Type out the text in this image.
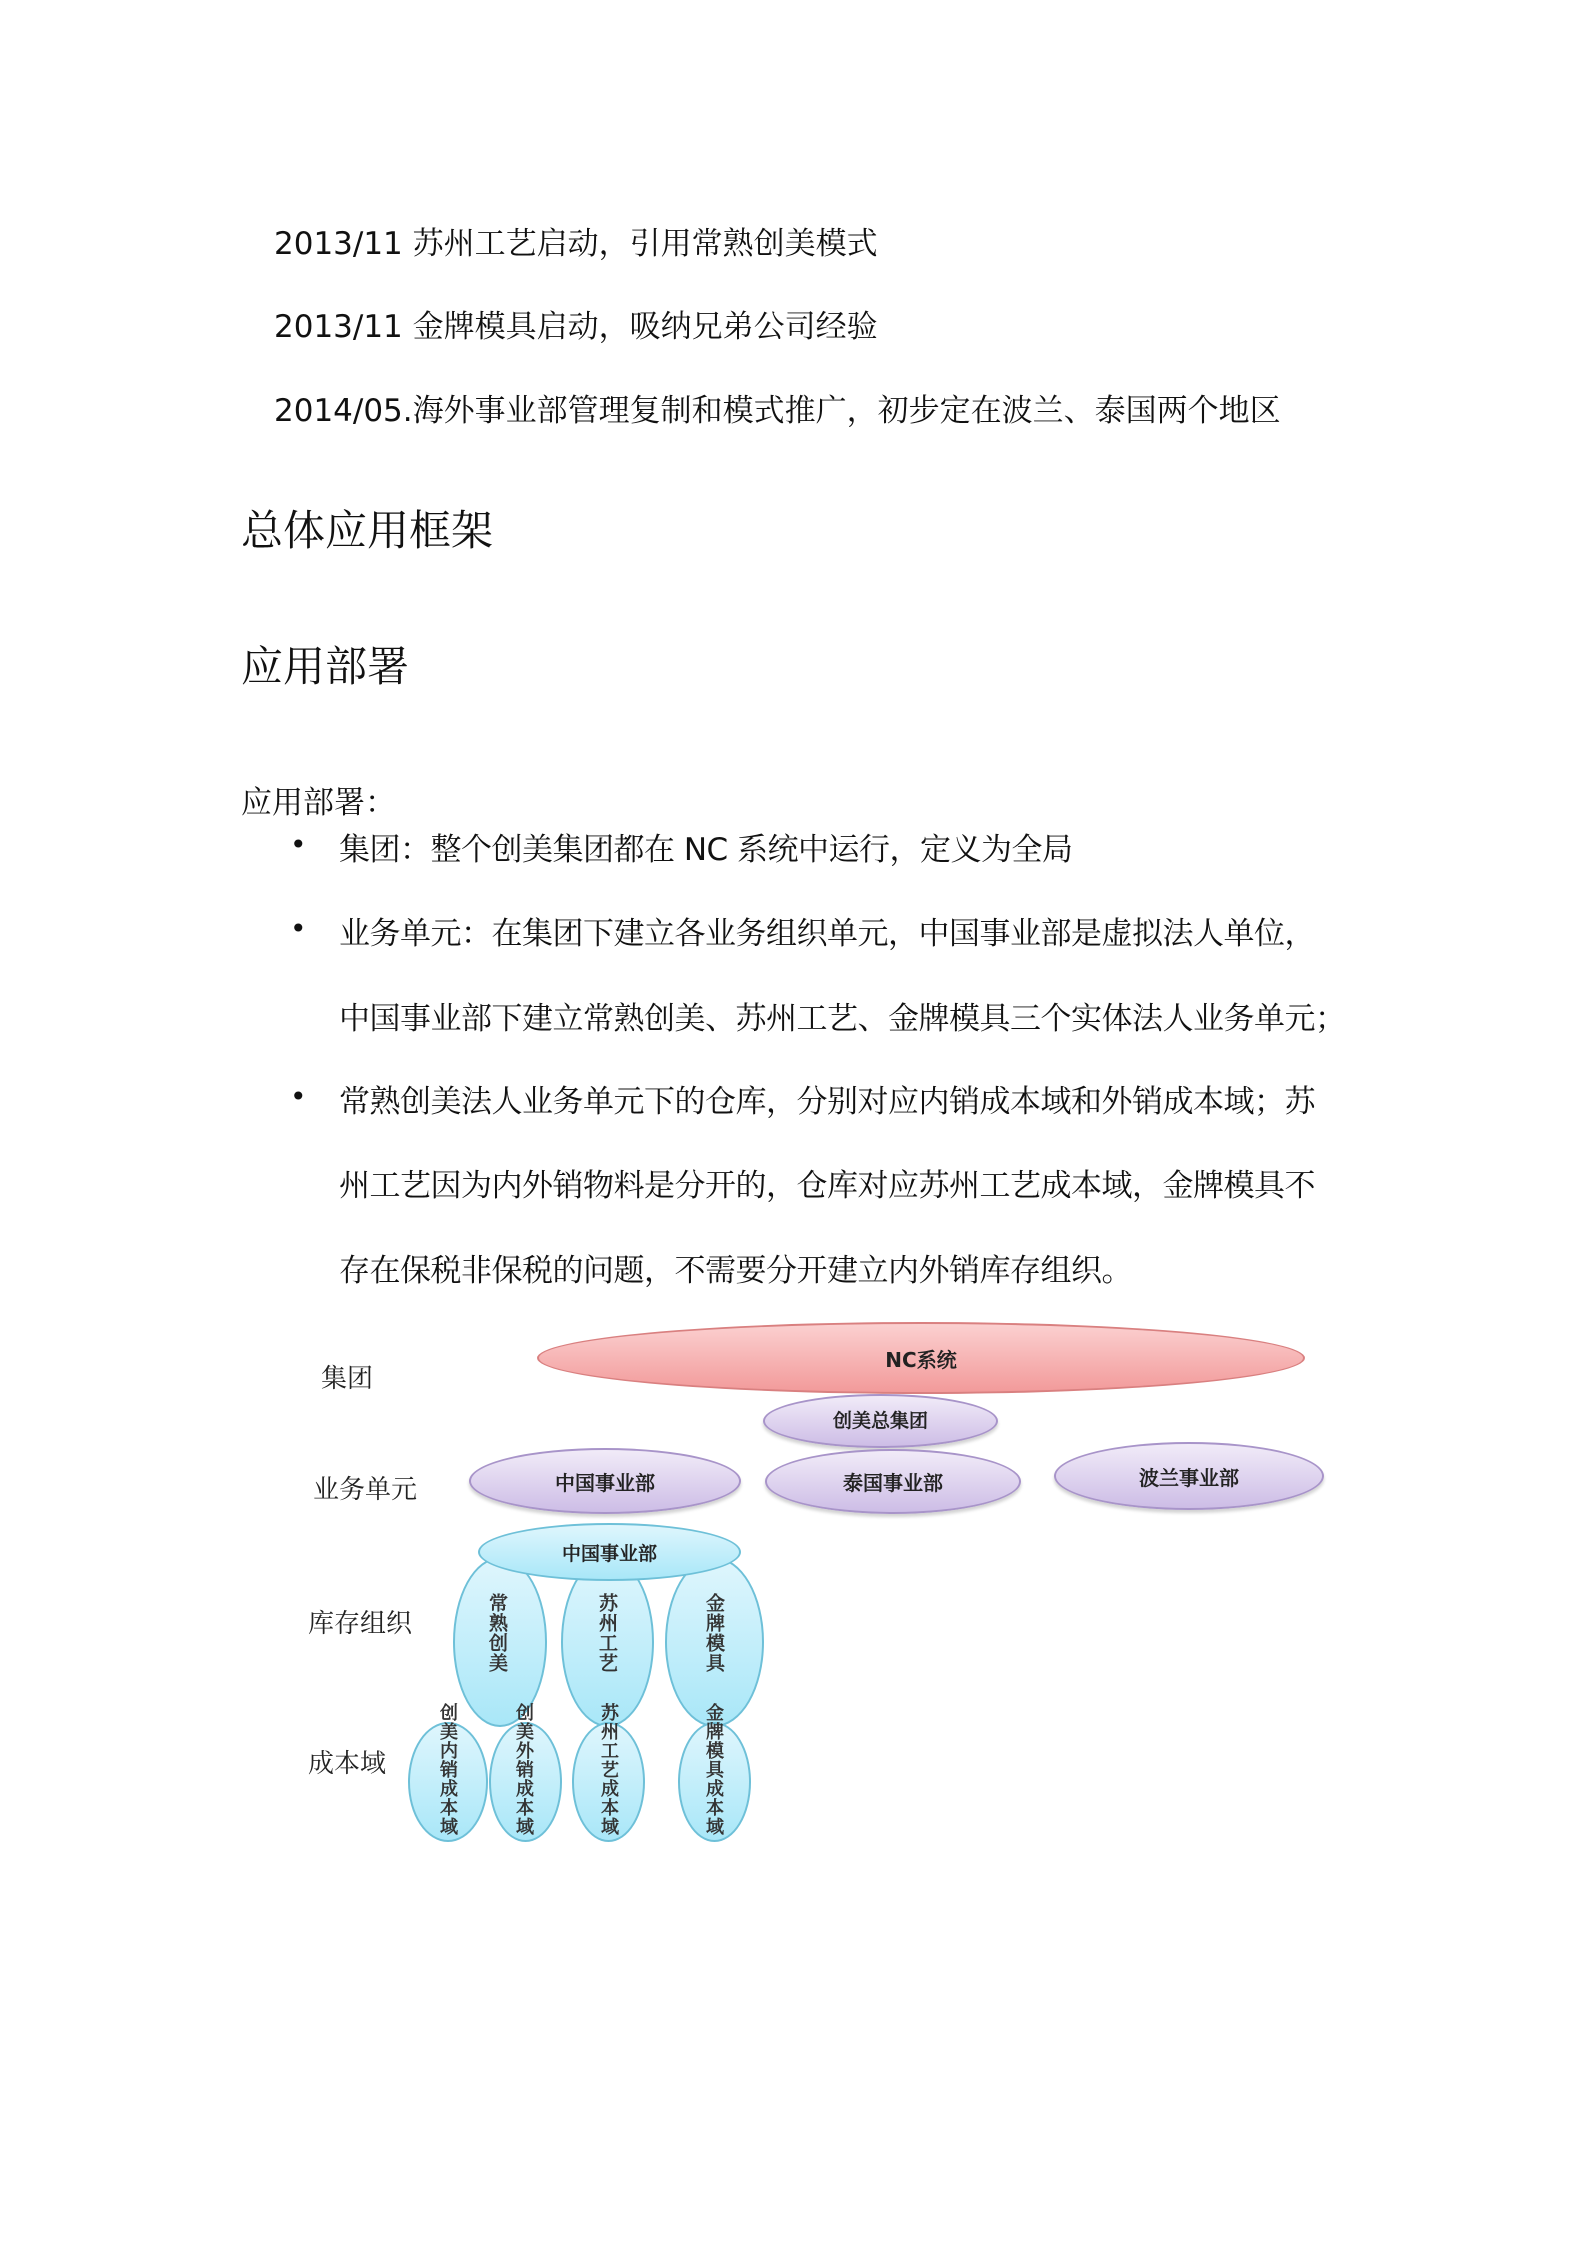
2013/11 苏州工艺启动，引用常熟创美模式
2013/11 金牌模具启动，吸纳兄弟公司经验
2014/05.海外事业部管理复制和模式推广，初步定在波兰、泰国两个地区
总体应用框架
应用部署
应用部署：
• 集团：整个创美集团都在 NC 系统中运行，定义为全局
• 业务单元：在集团下建立各业务组织单元，中国事业部是虚拟法人单位，
中国事业部下建立常熟创美、苏州工艺、金牌模具三个实体法人业务单元；
• 常熟创美法人业务单元下的仓库，分别对应内销成本域和外销成本域；苏
州工艺因为内外销物料是分开的，仓库对应苏州工艺成本域，金牌模具不
存在保税非保税的问题，不需要分开建立内外销库存组织。
集团
业务单元
库存组织
成本域
NC系统
创美总集团
中国事业部	泰国事业部	波兰事业部
中国事业部
常熟创美	苏州工艺	金牌模具
创美内销成本域	创美外销成本域	苏州工艺成本域	金牌模具成本域
